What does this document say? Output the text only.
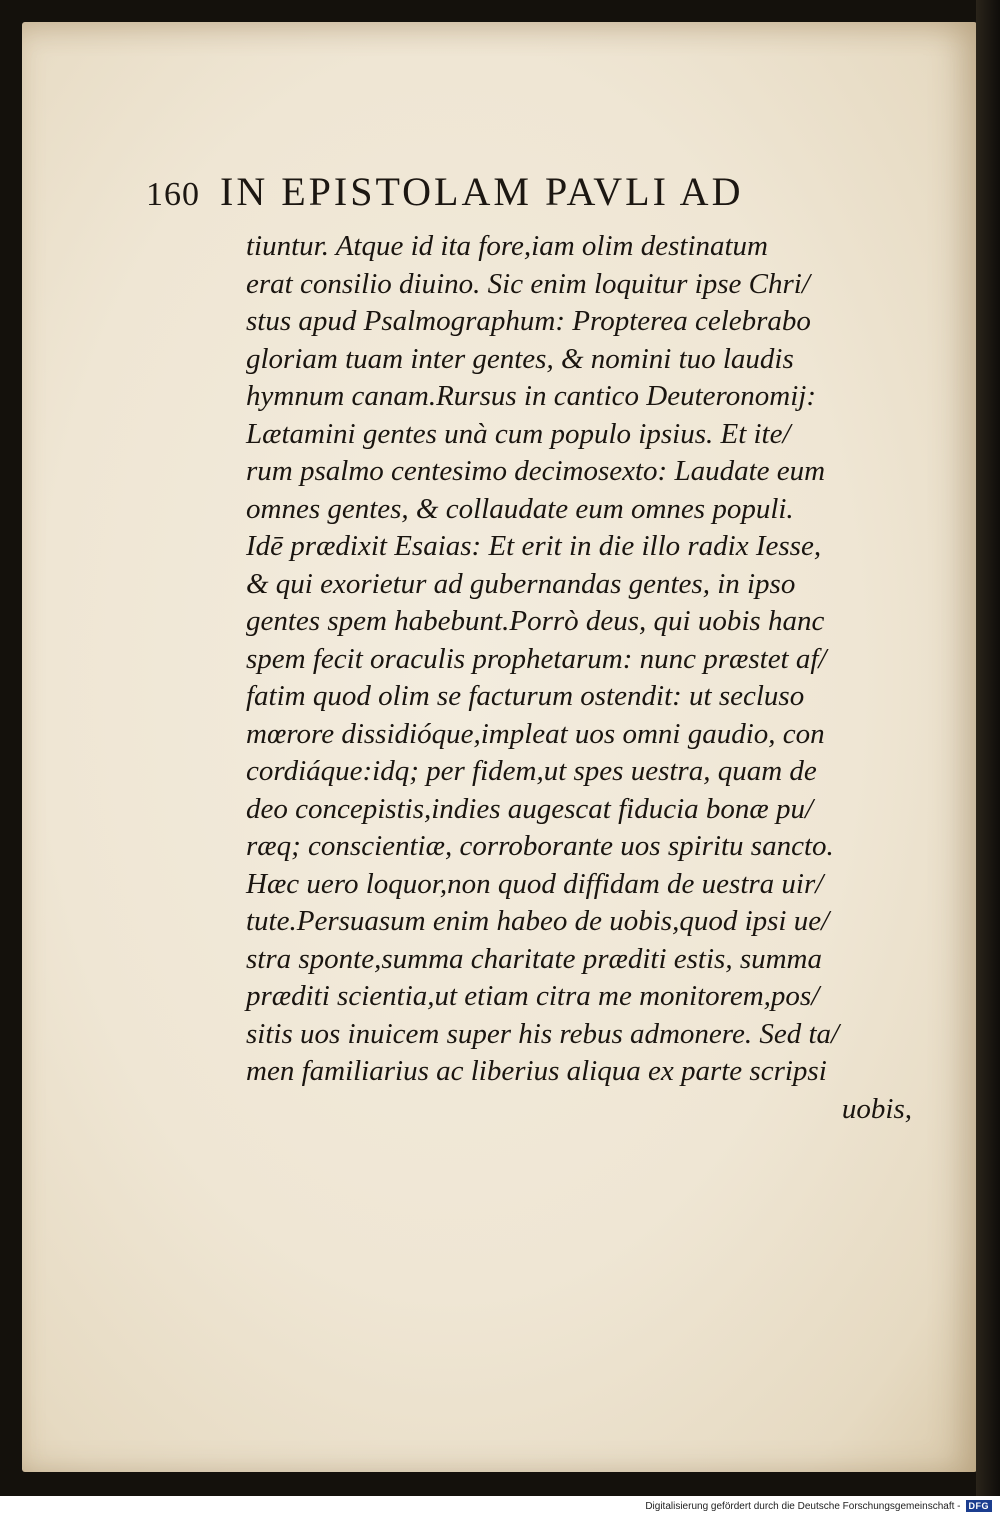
160 IN EPISTOLAM PAVLI AD
tiuntur. Atque id ita fore,iam olim destinatum
erat consilio diuino. Sic enim loquitur ipse Chri/
stus apud Psalmographum: Propterea celebrabo
gloriam tuam inter gentes, & nomini tuo laudis
hymnum canam.Rursus in cantico Deuteronomij:
Lætamini gentes unà cum populo ipsius. Et ite/
rum psalmo centesimo decimosexto: Laudate eum
omnes gentes, & collaudate eum omnes populi.
Idē prædixit Esaias: Et erit in die illo radix Iesse,
& qui exorietur ad gubernandas gentes, in ipso
gentes spem habebunt.Porrò deus, qui uobis hanc
spem fecit oraculis prophetarum: nunc præstet af/
fatim quod olim se facturum ostendit: ut secluso
mœrore dissidióque,impleat uos omni gaudio, con
cordiáque:idq; per fidem,ut spes uestra, quam de
deo concepistis,indies augescat fiducia bonæ pu/
ræq; conscientiæ, corroborante uos spiritu sancto.
Hæc uero loquor,non quod diffidam de uestra uir/
tute.Persuasum enim habeo de uobis,quod ipsi ue/
stra sponte,summa charitate præditi estis, summa
præditi scientia,ut etiam citra me monitorem,pos/
sitis uos inuicem super his rebus admonere. Sed ta/
men familiarius ac liberius aliqua ex parte scripsi
uobis,
Digitalisierung gefördert durch die Deutsche Forschungsgemeinschaft - DFG
